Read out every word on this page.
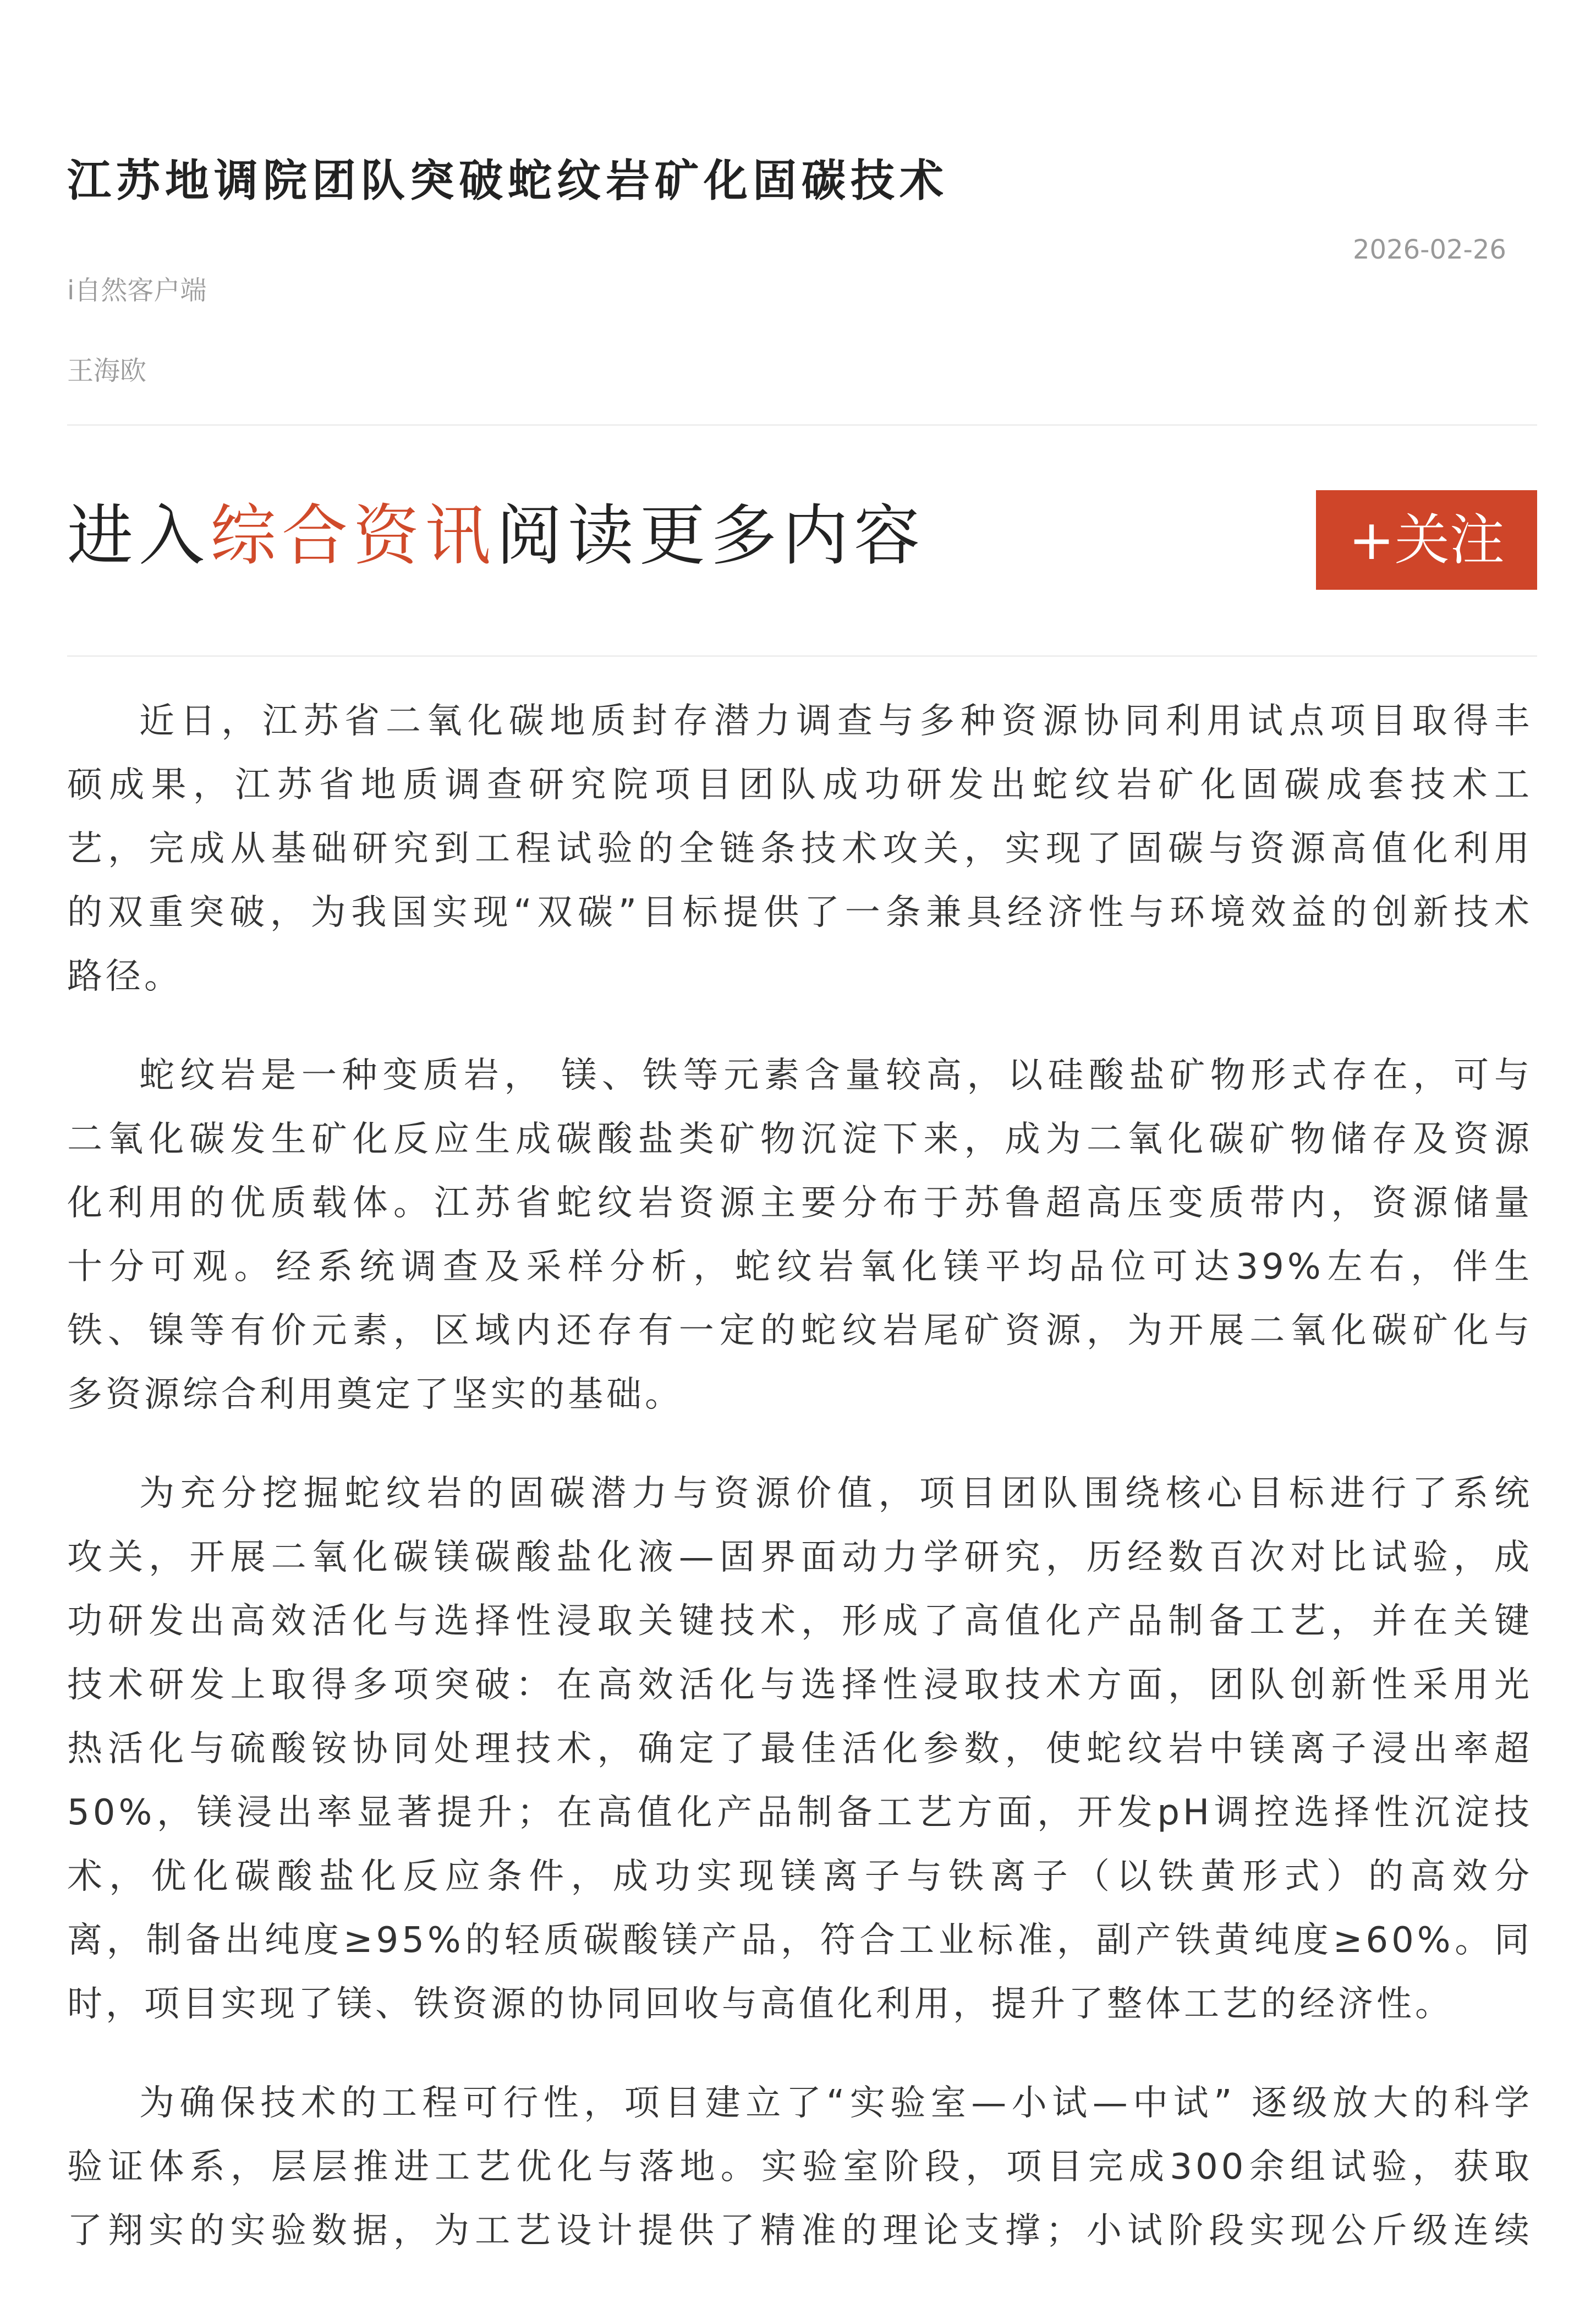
江苏地调院团队突破蛇纹岩矿化固碳技术
2026-02-26
i自然客户端
王海欧
进入综合资讯阅读更多内容	+关注

近日，江苏省二氧化碳地质封存潜力调查与多种资源协同利用试点项目取得丰
硕成果，江苏省地质调查研究院项目团队成功研发出蛇纹岩矿化固碳成套技术工
艺，完成从基础研究到工程试验的全链条技术攻关，实现了固碳与资源高值化利用
的双重突破，为我国实现“双碳”目标提供了一条兼具经济性与环境效益的创新技术
路径。

蛇纹岩是一种变质岩， 镁、铁等元素含量较高，以硅酸盐矿物形式存在，可与
二氧化碳发生矿化反应生成碳酸盐类矿物沉淀下来，成为二氧化碳矿物储存及资源
化利用的优质载体。江苏省蛇纹岩资源主要分布于苏鲁超高压变质带内，资源储量
十分可观。经系统调查及采样分析，蛇纹岩氧化镁平均品位可达39%左右，伴生
铁、镍等有价元素，区域内还存有一定的蛇纹岩尾矿资源，为开展二氧化碳矿化与
多资源综合利用奠定了坚实的基础。

为充分挖掘蛇纹岩的固碳潜力与资源价值，项目团队围绕核心目标进行了系统
攻关，开展二氧化碳镁碳酸盐化液—固界面动力学研究，历经数百次对比试验，成
功研发出高效活化与选择性浸取关键技术，形成了高值化产品制备工艺，并在关键
技术研发上取得多项突破：在高效活化与选择性浸取技术方面，团队创新性采用光
热活化与硫酸铵协同处理技术，确定了最佳活化参数，使蛇纹岩中镁离子浸出率超
50%，镁浸出率显著提升；在高值化产品制备工艺方面，开发pH调控选择性沉淀技
术，优化碳酸盐化反应条件，成功实现镁离子与铁离子（以铁黄形式）的高效分
离，制备出纯度≥95%的轻质碳酸镁产品，符合工业标准，副产铁黄纯度≥60%。同
时，项目实现了镁、铁资源的协同回收与高值化利用，提升了整体工艺的经济性。

为确保技术的工程可行性，项目建立了“实验室—小试—中试” 逐级放大的科学
验证体系，层层推进工艺优化与落地。实验室阶段，项目完成300余组试验，获取
了翔实的实验数据，为工艺设计提供了精准的理论支撑；小试阶段实现公斤级连续
